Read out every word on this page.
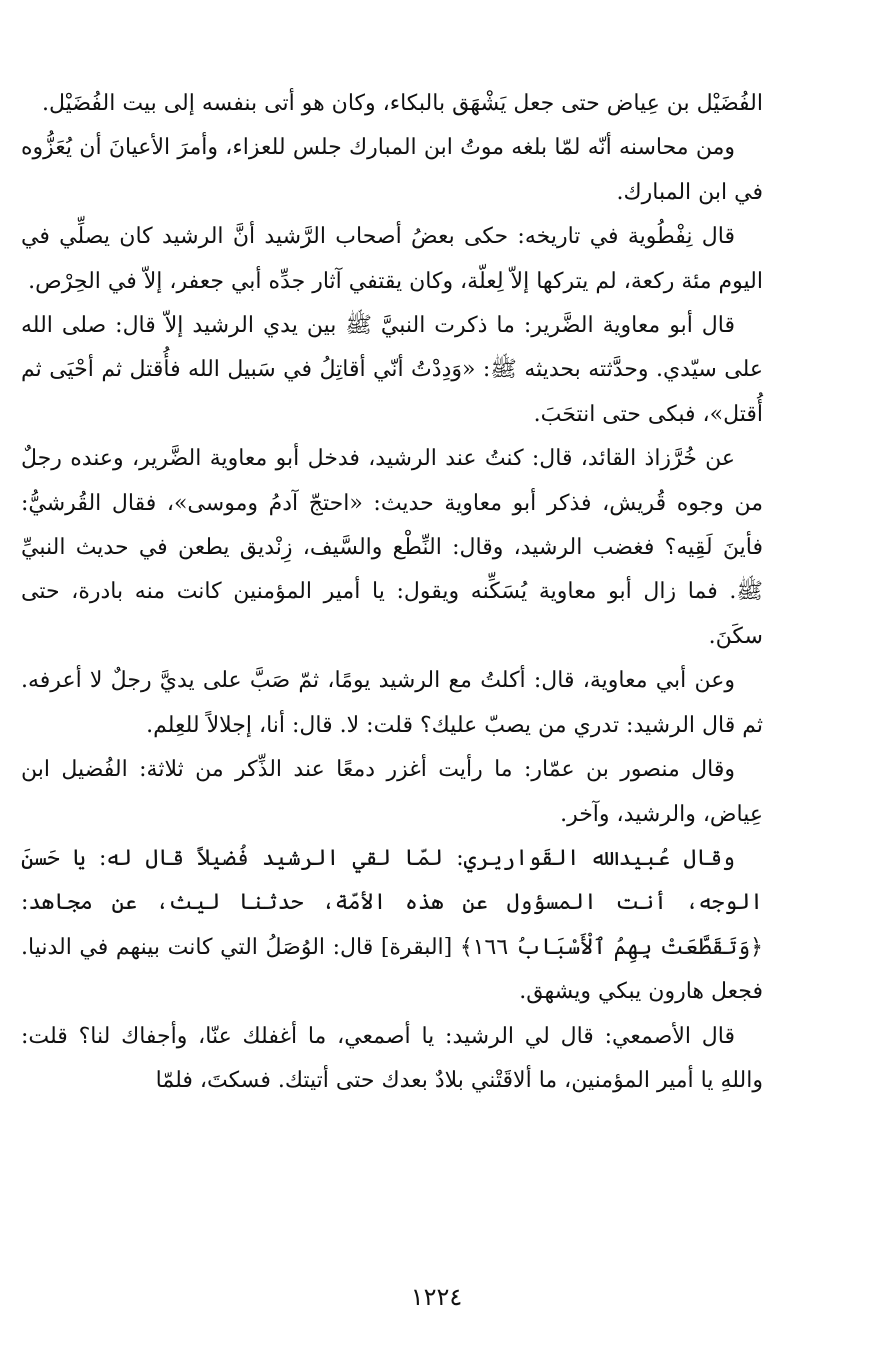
الفُضَيْل بن عِياض حتى جعل يَشْهَق بالبكاء، وكان هو أتى بنفسه إلى بيت الفُضَيْل.

ومن محاسنه أنّه لمّا بلغه موتُ ابن المبارك جلس للعزاء، وأمرَ الأعيانَ أن يُعَزُّوه في ابن المبارك.

قال نِفْطُوية في تاريخه: حكى بعضُ أصحاب الرَّشيد أنَّ الرشيد كان يصلِّي في اليوم مئة ركعة، لم يتركها إلاّ لِعلّة، وكان يقتفي آثار جدِّه أبي جعفر، إلاّ في الحِرْص.

قال أبو معاوية الضَّرير: ما ذكرت النبيَّ ﷺ بين يدي الرشيد إلاّ قال: صلى الله على سيّدي. وحدَّثته بحديثه ﷺ: «وَدِدْتُ أنّي أقاتِلُ في سَبيل الله فأُقتل ثم أحْيَى ثم أُقتل»، فبكى حتى انتحَبَ.

عن خُرَّزاذ القائد، قال: كنتُ عند الرشيد، فدخل أبو معاوية الضَّرير، وعنده رجلٌ من وجوه قُريش، فذكر أبو معاوية حديث: «احتجّ آدمُ وموسى»، فقال القُرشيُّ: فأينَ لَقِيه؟ فغضب الرشيد، وقال: النِّطْع والسَّيف، زِنْديق يطعن في حديث النبيِّ ﷺ. فما زال أبو معاوية يُسَكِّنه ويقول: يا أمير المؤمنين كانت منه بادرة، حتى سكَنَ.

وعن أبي معاوية، قال: أكلتُ مع الرشيد يومًا، ثمّ صَبَّ على يديَّ رجلٌ لا أعرفه. ثم قال الرشيد: تدري من يصبّ عليك؟ قلت: لا. قال: أنا، إجلالاً للعِلم.

وقال منصور بن عمّار: ما رأيت أغزر دمعًا عند الذِّكر من ثلاثة: الفُضيل ابن عِياض، والرشيد، وآخر.

وقال عُبيدالله القَواريري: لمّا لقي الرشيد فُضيلاً قال له: يا حَسنَ الوجه، أنت المسؤول عن هذه الأمّة، حدثنا ليث، عن مجاهد: ﴿وَتَقَطَّعَتْ بِهِمُ ٱلْأَسْبَابُ ١٦٦﴾ [البقرة] قال: الوُصَلُ التي كانت بينهم في الدنيا. فجعل هارون يبكي ويشهق.

قال الأصمعي: قال لي الرشيد: يا أصمعي، ما أغفلك عنّا، وأجفاك لنا؟ قلت: واللهِ يا أمير المؤمنين، ما ألاقَتْني بلادٌ بعدك حتى أتيتك. فسكتَ، فلمّا

١٢٢٤
